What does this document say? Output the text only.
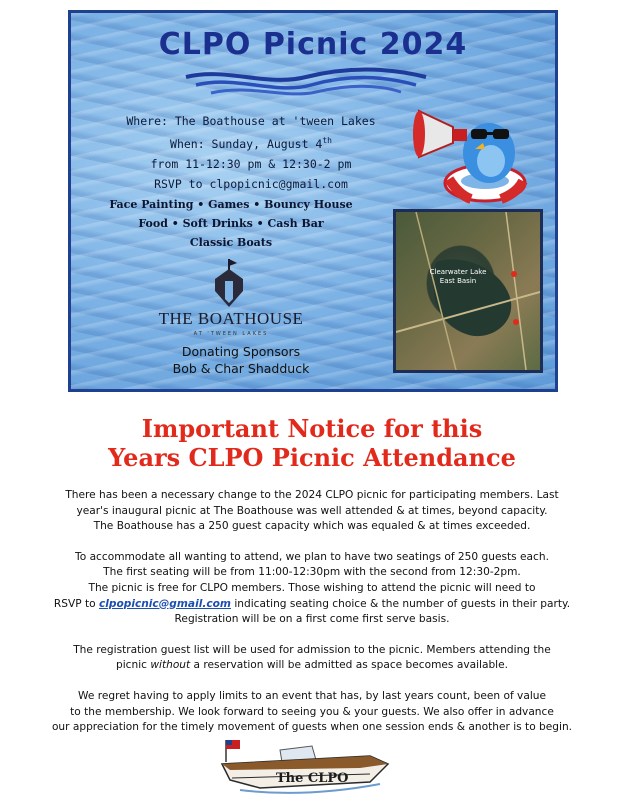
CLPO Picnic 2024
Where: The Boathouse at 'tween Lakes
When: Sunday, August 4th
from 11-12:30 pm & 12:30-2 pm
RSVP to clpopicnic@gmail.com
Face Painting • Games • Bouncy House
Food • Soft Drinks • Cash Bar
Classic Boats
THE BOATHOUSE
AT 'TWEEN LAKES
Donating Sponsors
Bob & Char Shadduck
Clearwater Lake
East Basin
Important Notice for this
Years CLPO Picnic Attendance

There has been a necessary change to the 2024 CLPO picnic for participating members. Last
year's inaugural picnic at The Boathouse was well attended & at times, beyond capacity.
The Boathouse has a 250 guest capacity which was equaled & at times exceeded.

To accommodate all wanting to attend, we plan to have two seatings of 250 guests each.
The first seating will be from 11:00-12:30pm with the second from 12:30-2pm.
The picnic is free for CLPO members. Those wishing to attend the picnic will need to
RSVP to clpopicnic@gmail.com indicating seating choice & the number of guests in their party.
Registration will be on a first come first serve basis.

The registration guest list will be used for admission to the picnic. Members attending the
picnic without a reservation will be admitted as space becomes available.

We regret having to apply limits to an event that has, by last years count, been of value
to the membership. We look forward to seeing you & your guests. We also offer in advance
our appreciation for the timely movement of guests when one session ends & another is to begin.

The CLPO
